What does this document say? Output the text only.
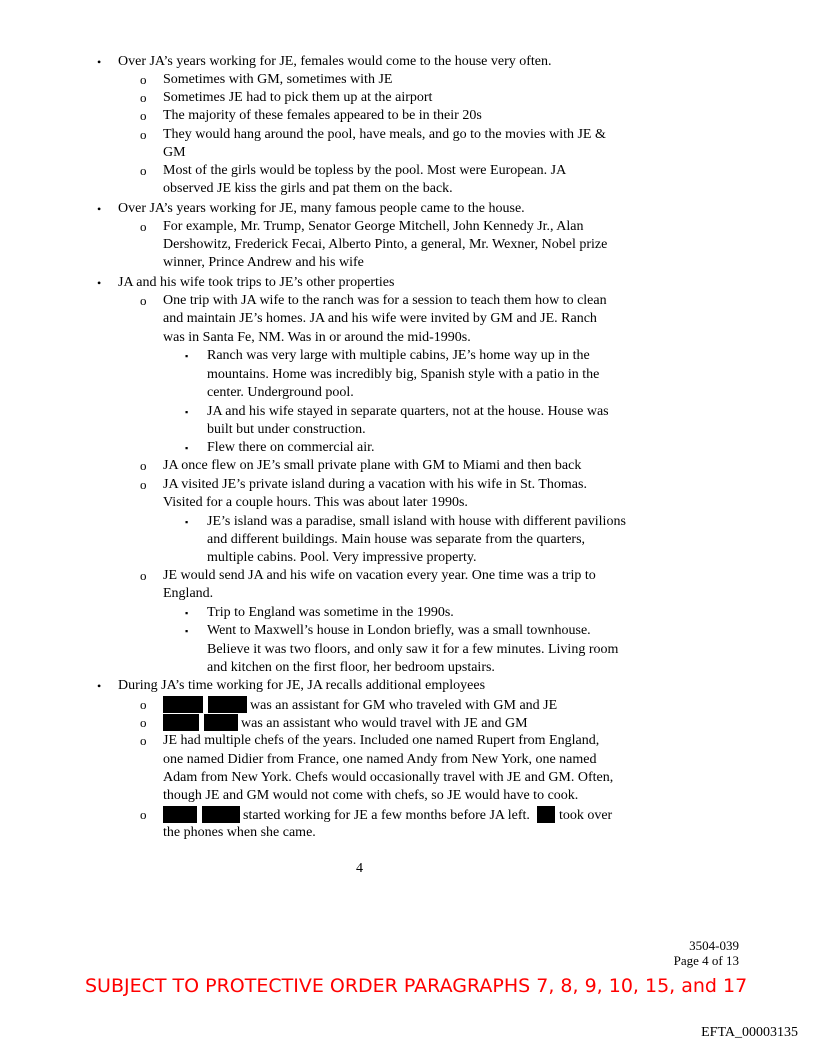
• Over JA’s years working for JE, females would come to the house very often.
o Sometimes with GM, sometimes with JE
o Sometimes JE had to pick them up at the airport
o The majority of these females appeared to be in their 20s
o They would hang around the pool, have meals, and go to the movies with JE &
GM
o Most of the girls would be topless by the pool. Most were European. JA
observed JE kiss the girls and pat them on the back.
• Over JA’s years working for JE, many famous people came to the house.
o For example, Mr. Trump, Senator George Mitchell, John Kennedy Jr., Alan
Dershowitz, Frederick Fecai, Alberto Pinto, a general, Mr. Wexner, Nobel prize
winner, Prince Andrew and his wife
• JA and his wife took trips to JE’s other properties
o One trip with JA wife to the ranch was for a session to teach them how to clean
and maintain JE’s homes. JA and his wife were invited by GM and JE. Ranch
was in Santa Fe, NM. Was in or around the mid-1990s.
▪ Ranch was very large with multiple cabins, JE’s home way up in the
mountains. Home was incredibly big, Spanish style with a patio in the
center. Underground pool.
▪ JA and his wife stayed in separate quarters, not at the house. House was
built but under construction.
▪ Flew there on commercial air.
o JA once flew on JE’s small private plane with GM to Miami and then back
o JA visited JE’s private island during a vacation with his wife in St. Thomas.
Visited for a couple hours. This was about later 1990s.
▪ JE’s island was a paradise, small island with house with different pavilions
and different buildings. Main house was separate from the quarters,
multiple cabins. Pool. Very impressive property.
o JE would send JA and his wife on vacation every year. One time was a trip to
England.
▪ Trip to England was sometime in the 1990s.
▪ Went to Maxwell’s house in London briefly, was a small townhouse.
Believe it was two floors, and only saw it for a few minutes. Living room
and kitchen on the first floor, her bedroom upstairs.
• During JA’s time working for JE, JA recalls additional employees
o	was an assistant for GM who traveled with GM and JE
o	was an assistant who would travel with JE and GM
o JE had multiple chefs of the years. Included one named Rupert from England,
one named Didier from France, one named Andy from New York, one named
Adam from New York. Chefs would occasionally travel with JE and GM. Often,
though JE and GM would not come with chefs, so JE would have to cook.
o	started working for JE a few months before JA left. took over
the phones when she came.
4
3504-039
Page 4 of 13
SUBJECT TO PROTECTIVE ORDER PARAGRAPHS 7, 8, 9, 10, 15, and 17
EFTA_00003135
